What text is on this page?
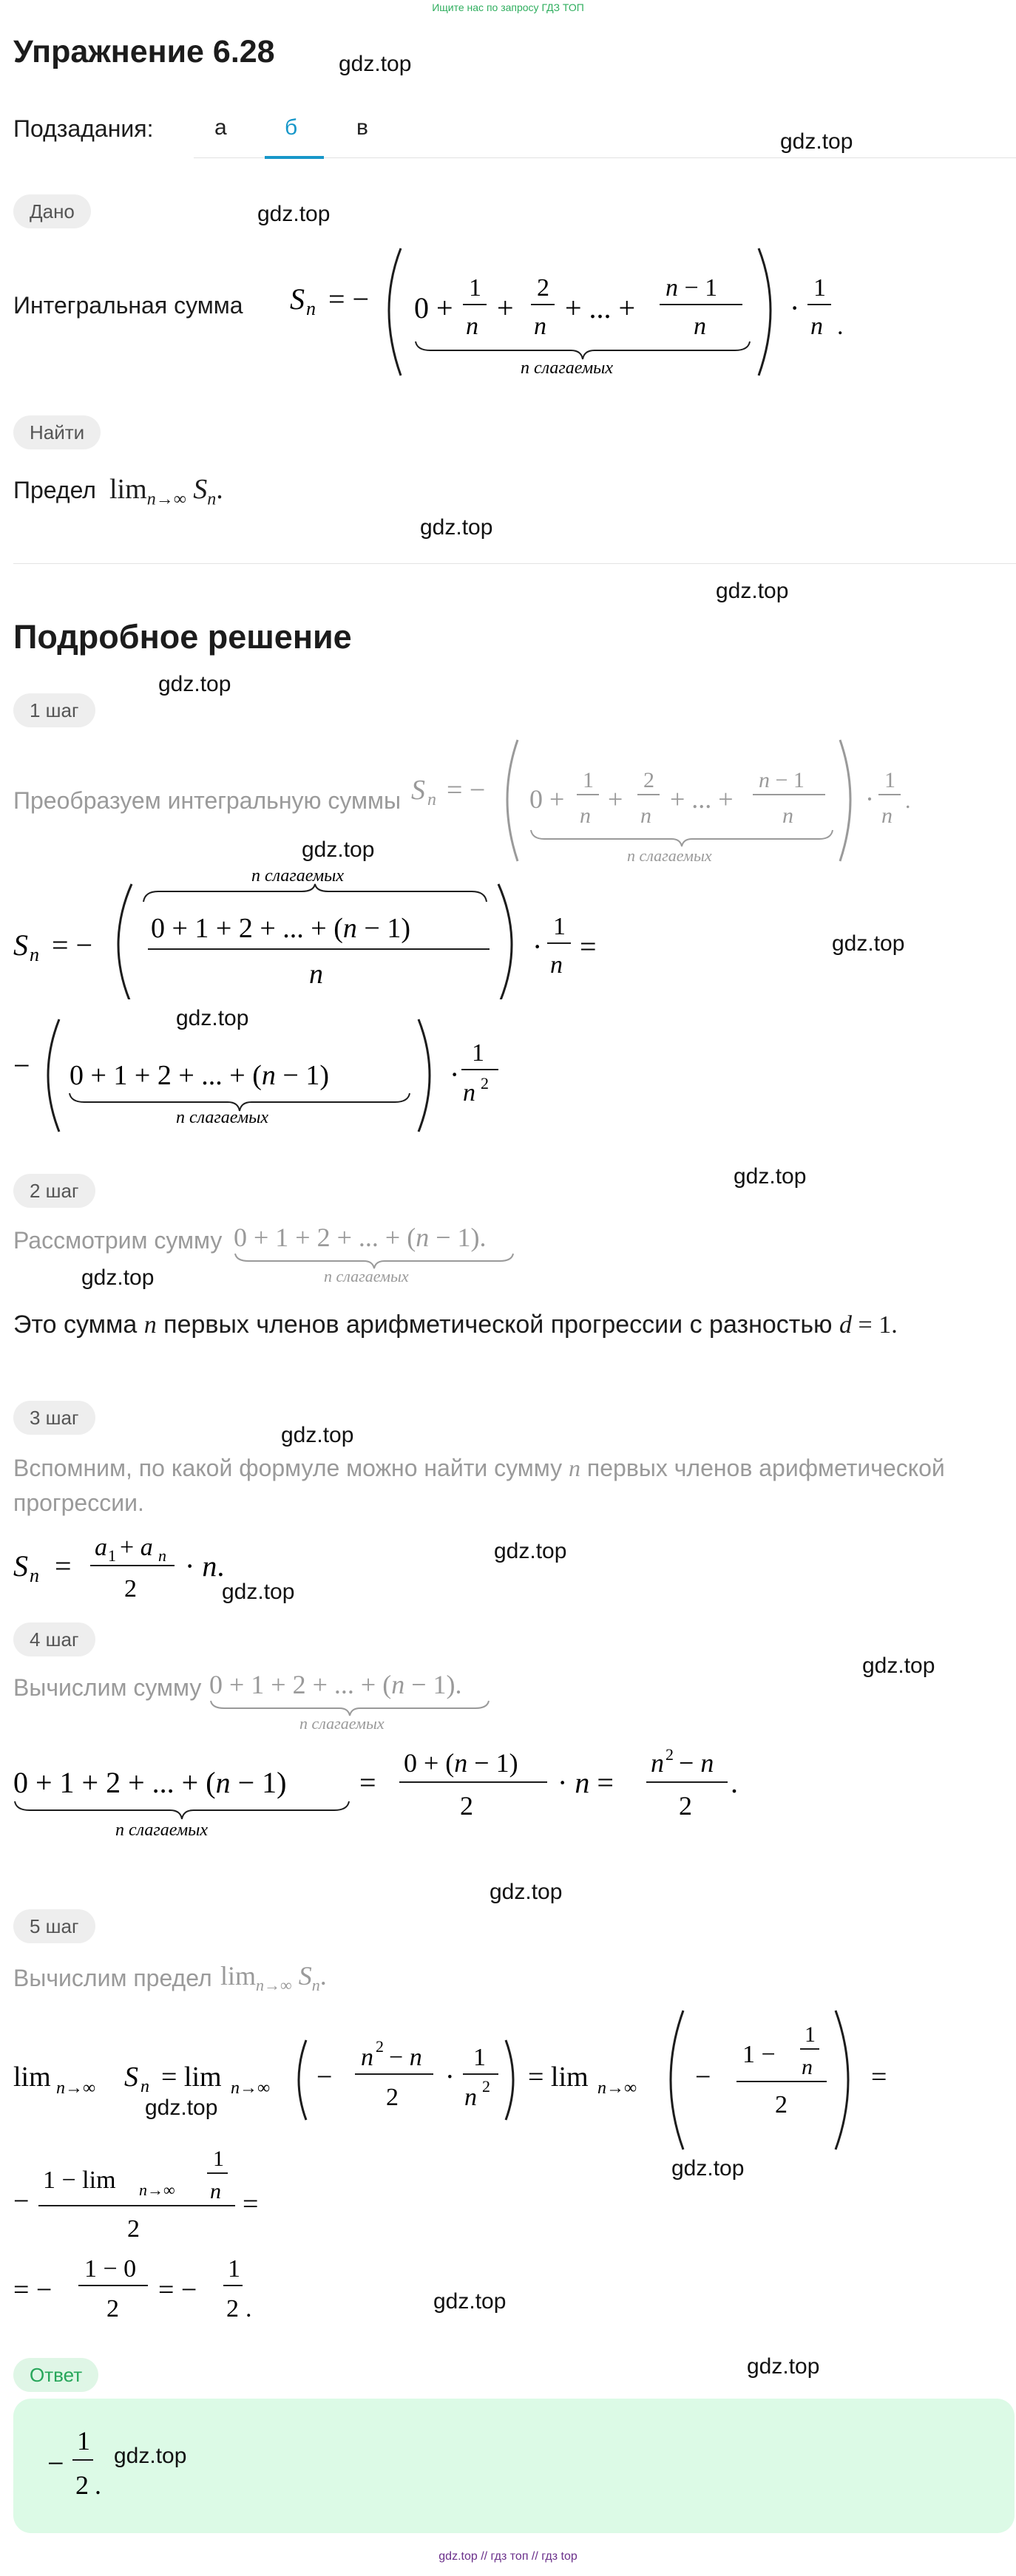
Ищите нас по запросу ГДЗ ТОП
Упражнение 6.28	gdz.top
Подзадания:	а	б	в
gdz.top
Дано	gdz.top
Интегральная сумма S n = − 0 +
1
n
+
2
n
+ ... +
n − 1
n
n слагаемых
·
1
n .
Найти
Предел $\lim_{n\to\infty} S_n$.
gdz.top
gdz.top
Подробное решение
gdz.top
1 шаг
Преобразуем интегральную суммы S n = − 0 +
1
n
+
2
n
+ ... +
n − 1
n
n слагаемых
·
1
n
.
gdz.top
S n = −
n слагаемых
0 + 1 + 2 + ... + (n − 1)
n
·
1
n
=	gdz.top
gdz.top
− 0 + 1 + 2 + ... + (n − 1)
n слагаемых
·
1
n 2
2 шаг
gdz.top
Рассмотрим сумму 0 + 1 + 2 + ... + (n − 1).
n слагаемых
gdz.top
Это сумма n первых членов арифметической прогрессии с разностью d = 1.
3 шаг
gdz.top
Вспомним, по какой формуле можно найти сумму n первых членов арифметической
прогрессии.
S n =
a 1 + a n
2
· n.	gdz.top
gdz.top
4 шаг
gdz.top
Вычислим сумму 0 + 1 + 2 + ... + (n − 1).
n слагаемых
0 + 1 + 2 + ... + (n − 1)
n слагаемых
=
0 + (n − 1)
2
· n =
n 2 − n
2
.
gdz.top
5 шаг
Вычислим предел $\lim_{n\to\infty} S_n$.
lim n→∞ S n = lim n→∞ −
n 2 − n
2
·
1
n 2 = lim n→∞ −
1 −
1
n
2
=
gdz.top
gdz.top
−
1 − lim n→∞
1
n
2
=
= −
1 − 0
2
= −
1
2 .	gdz.top
Ответ	gdz.top
−
1
2 .
gdz.top
gdz.top // гдз топ // гдз top
